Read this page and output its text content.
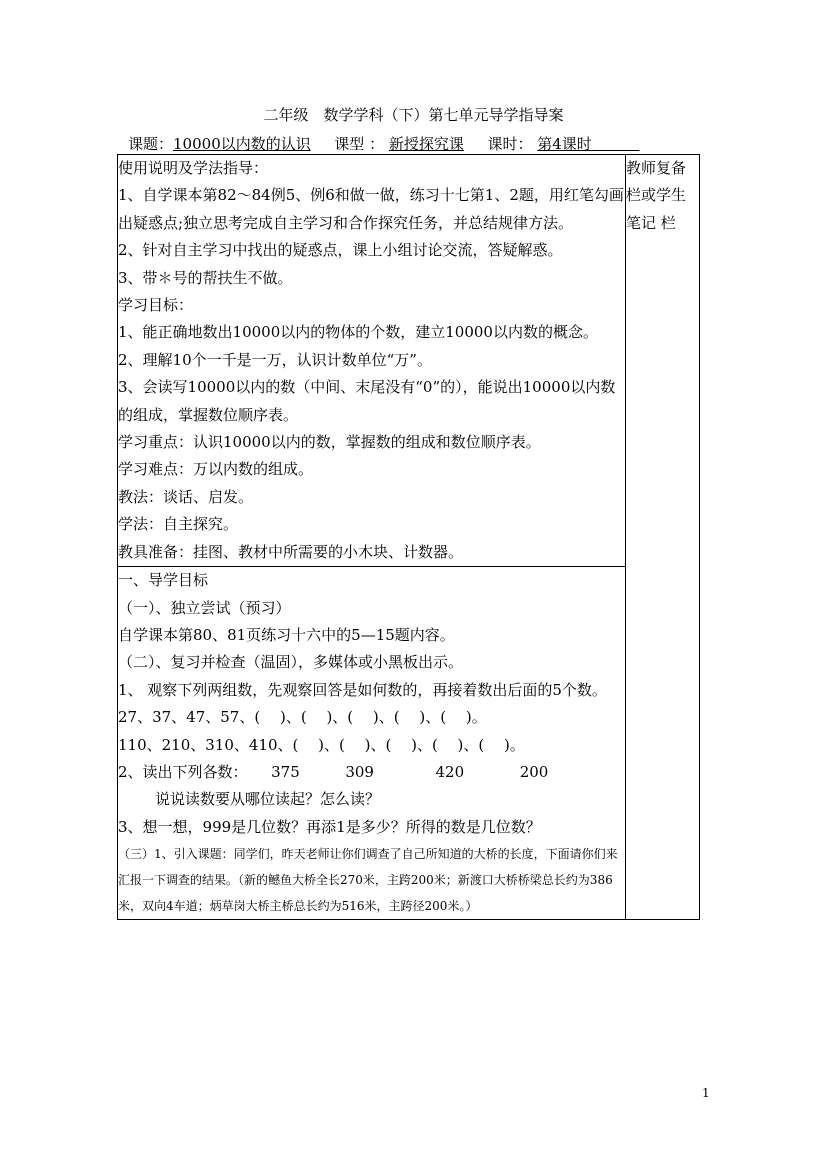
二年级　数学学科（下）第七单元导学指导案
课题：10000以内数的认识 课型 ： 新授探究课 课时： 第4课时

使用说明及学法指导：

1、自学课本第82～84例5、例6和做一做，练习十七第1、2题，用红笔勾画出疑惑点;独立思考完成自主学习和合作探究任务，并总结规律方法。

2、针对自主学习中找出的疑惑点，课上小组讨论交流，答疑解惑。

3、带＊号的帮扶生不做。

学习目标：

1、能正确地数出10000以内的物体的个数，建立10000以内数的概念。

2、理解10个一千是一万，认识计数单位“万”。

3、会读写10000以内的数（中间、末尾没有“0”的），能说出10000以内数的组成，掌握数位顺序表。

学习重点：认识10000以内的数，掌握数的组成和数位顺序表。

学习难点：万以内数的组成。

教法：谈话、启发。

学法：自主探究。

教具准备：挂图、教材中所需要的小木块、计数器。

	教师复备栏或学生笔记 栏

一、导学目标

（一）、独立尝试（预习）

自学课本第80、81页练习十六中的5—15题内容。

（二）、复习并检查（温固），多媒体或小黑板出示。

1、 观察下列两组数，先观察回答是如何数的，再接着数出后面的5个数。

27、37、47、57、(　 )、(　 )、(　 )、(　 )、(　 )。

110、210、310、410、(　 )、(　 )、(　 )、(　 )、(　 )。

2、读出下列各数： 375	309	420	200

说说读数要从哪位读起？怎么读？

3、想一想，999是几位数？再添1是多少？所得的数是几位数？

（三）1、引入课题：同学们，昨天老师让你们调查了自己所知道的大桥的长度，下面请你们来汇报一下调查的结果。（新的鳡鱼大桥全长270米，主跨200米；新渡口大桥桥梁总长约为386米，双向4车道；炳草岗大桥主桥总长约为516米，主跨径200米。）

1
